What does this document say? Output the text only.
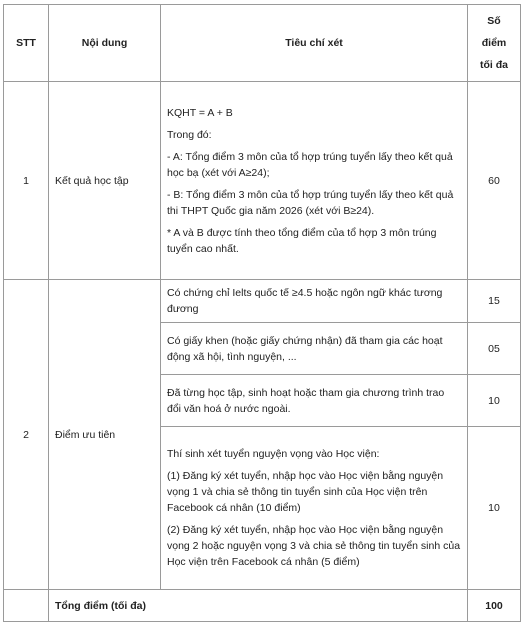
STT	Nội dung	Tiêu chí xét	Số điểm tối đa
1	Kết quả học tập	KQHT = A + B

Trong đó:

- A: Tổng điểm 3 môn của tổ hợp trúng tuyển lấy theo kết quả học bạ (xét với A≥24);

- B: Tổng điểm 3 môn của tổ hợp trúng tuyển lấy theo kết quả thi THPT Quốc gia năm 2026 (xét với B≥24).

* A và B được tính theo tổng điểm của tổ hợp 3 môn trúng tuyển cao nhất.	60
2	Điểm ưu tiên	Có chứng chỉ Ielts quốc tế ≥4.5 hoặc ngôn ngữ khác tương đương	15

		Có giấy khen (hoặc giấy chứng nhận) đã tham gia các hoạt động xã hội, tình nguyện, ...	05

		Đã từng học tập, sinh hoạt hoặc tham gia chương trình trao đổi văn hoá ở nước ngoài.	10

		Thí sinh xét tuyển nguyện vọng vào Học viện:

(1) Đăng ký xét tuyển, nhập học vào Học viện bằng nguyện vọng 1 và chia sẻ thông tin tuyển sinh của Học viện trên Facebook cá nhân (10 điểm)

(2) Đăng ký xét tuyển, nhập học vào Học viện bằng nguyện vọng 2 hoặc nguyện vọng 3 và chia sẻ thông tin tuyển sinh của Học viện trên Facebook cá nhân (5 điểm)	10
	Tổng điểm (tối đa)		100
